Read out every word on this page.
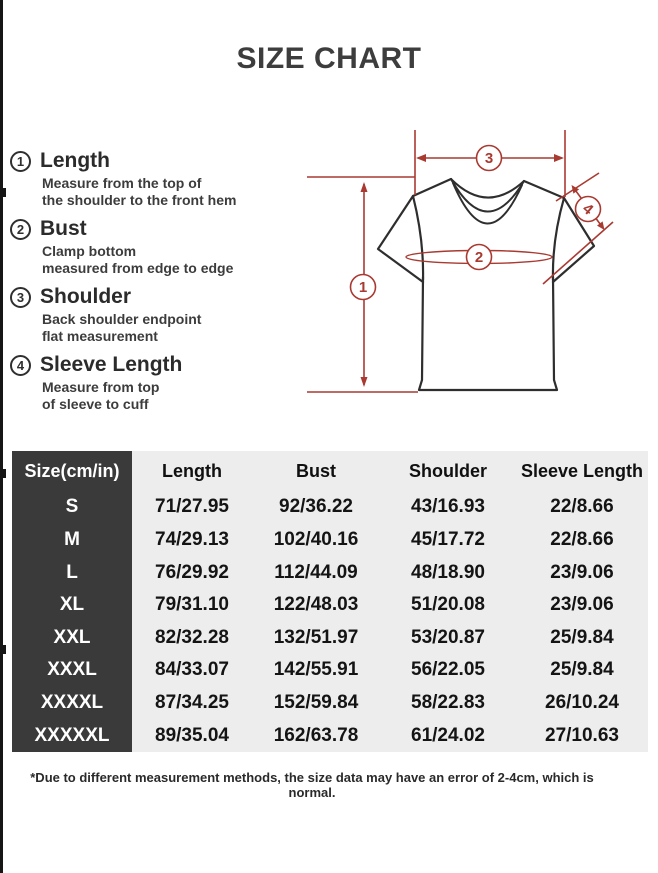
SIZE CHART
1 Length
Measure from the top of
the shoulder to the front hem
2 Bust
Clamp bottom
measured from edge to edge
3 Shoulder
Back shoulder endpoint
flat measurement
4 Sleeve Length
Measure from top
of sleeve to cuff
1
2
3
4
Size(cm/in)	Length	Bust	Shoulder	Sleeve Length
S	71/27.95	92/36.22	43/16.93	22/8.66
M	74/29.13	102/40.16	45/17.72	22/8.66
L	76/29.92	112/44.09	48/18.90	23/9.06
XL	79/31.10	122/48.03	51/20.08	23/9.06
XXL	82/32.28	132/51.97	53/20.87	25/9.84
XXXL	84/33.07	142/55.91	56/22.05	25/9.84
XXXXL	87/34.25	152/59.84	58/22.83	26/10.24
XXXXXL	89/35.04	162/63.78	61/24.02	27/10.63

*Due to different measurement methods, the size data may have an error of 2-4cm, which is normal.
